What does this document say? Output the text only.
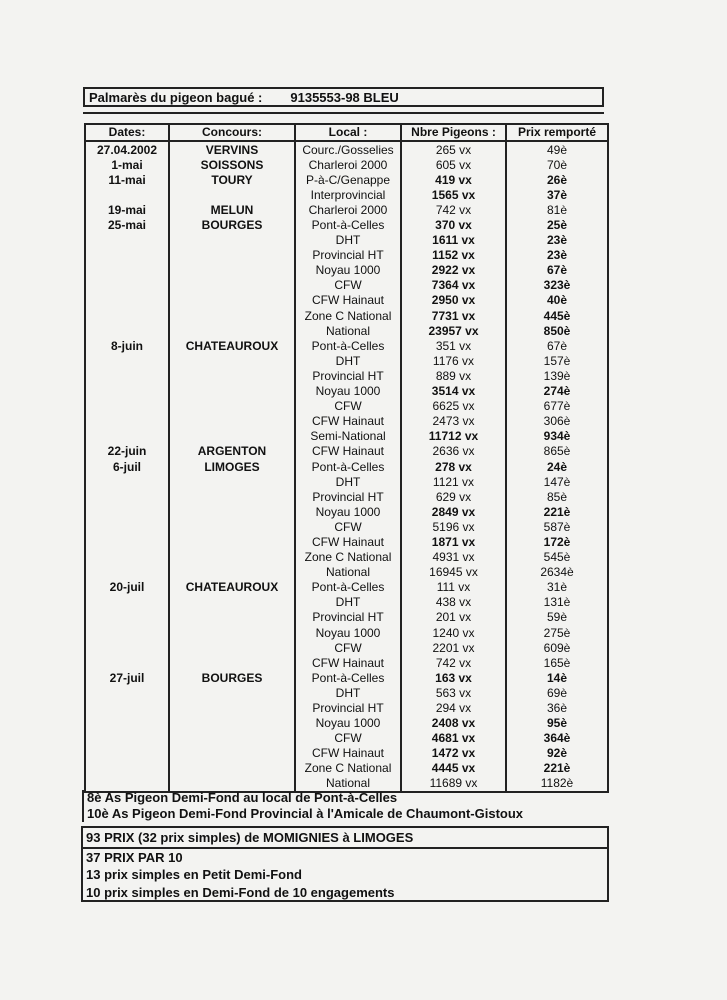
Palmarès du pigeon bagué : 9135553-98 BLEU
Dates:	Concours:	Local :	Nbre Pigeons :	Prix remporté
27.04.2002	VERVINS	Courc./Gosselies	265 vx	49è
1-mai	SOISSONS	Charleroi 2000	605 vx	70è
11-mai	TOURY	P-à-C/Genappe	419 vx	26è
		Interprovincial	1565 vx	37è
19-mai	MELUN	Charleroi 2000	742 vx	81è
25-mai	BOURGES	Pont-à-Celles	370 vx	25è
		DHT	1611 vx	23è
		Provincial HT	1152 vx	23è
		Noyau 1000	2922 vx	67è
		CFW	7364 vx	323è
		CFW Hainaut	2950 vx	40è
		Zone C National	7731 vx	445è
		National	23957 vx	850è
8-juin	CHATEAUROUX	Pont-à-Celles	351 vx	67è
		DHT	1176 vx	157è
		Provincial HT	889 vx	139è
		Noyau 1000	3514 vx	274è
		CFW	6625 vx	677è
		CFW Hainaut	2473 vx	306è
		Semi-National	11712 vx	934è
22-juin	ARGENTON	CFW Hainaut	2636 vx	865è
6-juil	LIMOGES	Pont-à-Celles	278 vx	24è
		DHT	1121 vx	147è
		Provincial HT	629 vx	85è
		Noyau 1000	2849 vx	221è
		CFW	5196 vx	587è
		CFW Hainaut	1871 vx	172è
		Zone C National	4931 vx	545è
		National	16945 vx	2634è
20-juil	CHATEAUROUX	Pont-à-Celles	111 vx	31è
		DHT	438 vx	131è
		Provincial HT	201 vx	59è
		Noyau 1000	1240 vx	275è
		CFW	2201 vx	609è
		CFW Hainaut	742 vx	165è
27-juil	BOURGES	Pont-à-Celles	163 vx	14è
		DHT	563 vx	69è
		Provincial HT	294 vx	36è
		Noyau 1000	2408 vx	95è
		CFW	4681 vx	364è
		CFW Hainaut	1472 vx	92è
		Zone C National	4445 vx	221è
		National	11689 vx	1182è
8è As Pigeon Demi-Fond au local de Pont-à-Celles
10è As Pigeon Demi-Fond Provincial à l'Amicale de Chaumont-Gistoux
93 PRIX (32 prix simples) de MOMIGNIES à LIMOGES
37 PRIX PAR 10
13 prix simples en Petit Demi-Fond
10 prix simples en Demi-Fond de 10 engagements
